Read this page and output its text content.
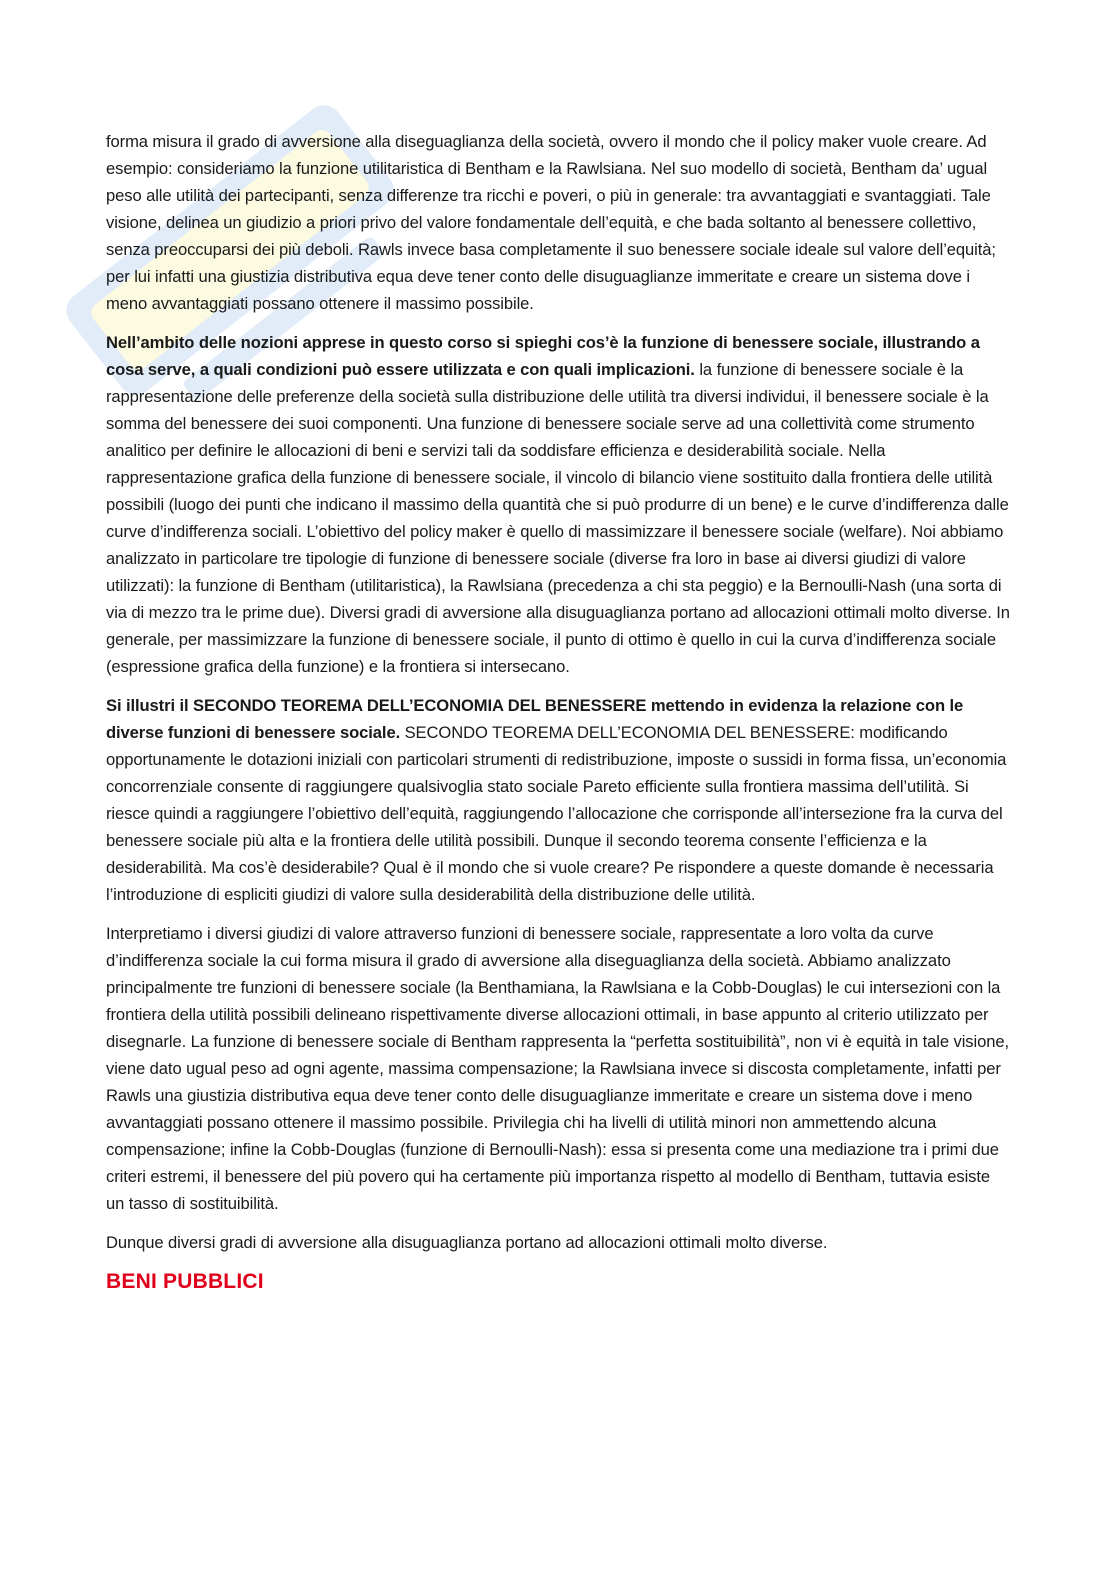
forma misura il grado di avversione alla diseguaglianza della società, ovvero il mondo che il policy maker vuole creare. Ad esempio: consideriamo la funzione utilitaristica di Bentham e la Rawlsiana. Nel suo modello di società, Bentham da’ ugual peso alle utilità dei partecipanti, senza differenze tra ricchi e poveri, o più in generale: tra avvantaggiati e svantaggiati. Tale visione, delinea un giudizio a priori privo del valore fondamentale dell’equità, e che bada soltanto al benessere collettivo, senza preoccuparsi dei più deboli. Rawls invece basa completamente il suo benessere sociale ideale sul valore dell’equità; per lui infatti una giustizia distributiva equa deve tener conto delle disuguaglianze immeritate e creare un sistema dove i meno avvantaggiati possano ottenere il massimo possibile.

Nell’ambito delle nozioni apprese in questo corso si spieghi cos’è la funzione di benessere sociale, illustrando a cosa serve, a quali condizioni può essere utilizzata e con quali implicazioni. la funzione di benessere sociale è la rappresentazione delle preferenze della società sulla distribuzione delle utilità tra diversi individui, il benessere sociale è la somma del benessere dei suoi componenti. Una funzione di benessere sociale serve ad una collettività come strumento analitico per definire le allocazioni di beni e servizi tali da soddisfare efficienza e desiderabilità sociale. Nella rappresentazione grafica della funzione di benessere sociale, il vincolo di bilancio viene sostituito dalla frontiera delle utilità possibili (luogo dei punti che indicano il massimo della quantità che si può produrre di un bene) e le curve d’indifferenza dalle curve d’indifferenza sociali. L’obiettivo del policy maker è quello di massimizzare il benessere sociale (welfare). Noi abbiamo analizzato in particolare tre tipologie di funzione di benessere sociale (diverse fra loro in base ai diversi giudizi di valore utilizzati): la funzione di Bentham (utilitaristica), la Rawlsiana (precedenza a chi sta peggio) e la Bernoulli-Nash (una sorta di via di mezzo tra le prime due). Diversi gradi di avversione alla disuguaglianza portano ad allocazioni ottimali molto diverse. In generale, per massimizzare la funzione di benessere sociale, il punto di ottimo è quello in cui la curva d’indifferenza sociale (espressione grafica della funzione) e la frontiera si intersecano.

Si illustri il SECONDO TEOREMA DELL’ECONOMIA DEL BENESSERE mettendo in evidenza la relazione con le diverse funzioni di benessere sociale. SECONDO TEOREMA DELL’ECONOMIA DEL BENESSERE: modificando opportunamente le dotazioni iniziali con particolari strumenti di redistribuzione, imposte o sussidi in forma fissa, un’economia concorrenziale consente di raggiungere qualsivoglia stato sociale Pareto efficiente sulla frontiera massima dell’utilità. Si riesce quindi a raggiungere l’obiettivo dell’equità, raggiungendo l’allocazione che corrisponde all’intersezione fra la curva del benessere sociale più alta e la frontiera delle utilità possibili. Dunque il secondo teorema consente l’efficienza e la desiderabilità. Ma cos’è desiderabile? Qual è il mondo che si vuole creare? Pe rispondere a queste domande è necessaria l’introduzione di espliciti giudizi di valore sulla desiderabilità della distribuzione delle utilità.

Interpretiamo i diversi giudizi di valore attraverso funzioni di benessere sociale, rappresentate a loro volta da curve d’indifferenza sociale la cui forma misura il grado di avversione alla diseguaglianza della società. Abbiamo analizzato principalmente tre funzioni di benessere sociale (la Benthamiana, la Rawlsiana e la Cobb-Douglas) le cui intersezioni con la frontiera della utilità possibili delineano rispettivamente diverse allocazioni ottimali, in base appunto al criterio utilizzato per disegnarle. La funzione di benessere sociale di Bentham rappresenta la “perfetta sostituibilità”, non vi è equità in tale visione, viene dato ugual peso ad ogni agente, massima compensazione; la Rawlsiana invece si discosta completamente, infatti per Rawls una giustizia distributiva equa deve tener conto delle disuguaglianze immeritate e creare un sistema dove i meno avvantaggiati possano ottenere il massimo possibile. Privilegia chi ha livelli di utilità minori non ammettendo alcuna compensazione; infine la Cobb-Douglas (funzione di Bernoulli-Nash): essa si presenta come una mediazione tra i primi due criteri estremi, il benessere del più povero qui ha certamente più importanza rispetto al modello di Bentham, tuttavia esiste un tasso di sostituibilità.

Dunque diversi gradi di avversione alla disuguaglianza portano ad allocazioni ottimali molto diverse.

BENI PUBBLICI
